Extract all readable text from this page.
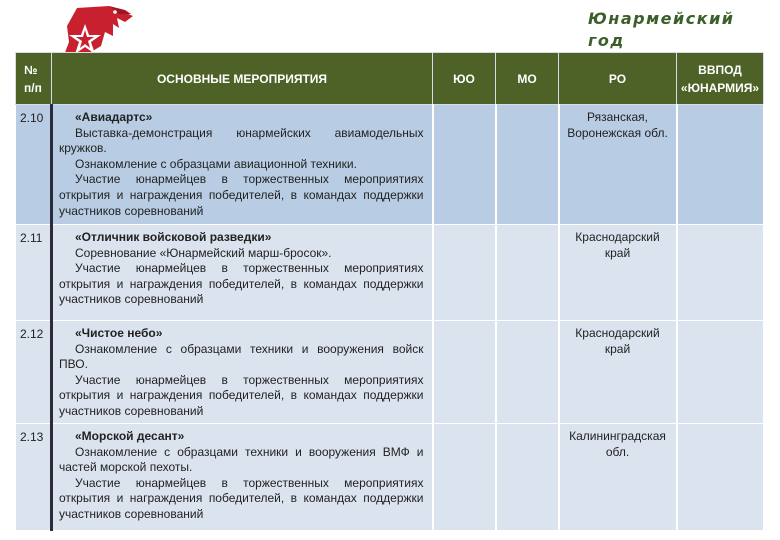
Юнармейский год
№ п/п	ОСНОВНЫЕ МЕРОПРИЯТИЯ	ЮО	МО	РО	ВВПОД «ЮНАРМИЯ»
2.10	«Авиадартс»
Выставка-демонстрация юнармейских авиамодельных кружков.
Ознакомление с образцами авиационной техники.
Участие юнармейцев в торжественных мероприятиях открытия и награждения победителей, в командах поддержки участников соревнований			Рязанская, Воронежская обл.	
2.11	«Отличник войсковой разведки»
Соревнование «Юнармейский марш-бросок».
Участие юнармейцев в торжественных мероприятиях открытия и награждения победителей, в командах поддержки участников соревнований			Краснодарский край	
2.12	«Чистое небо»
Ознакомление с образцами техники и вооружения войск ПВО.
Участие юнармейцев в торжественных мероприятиях открытия и награждения победителей, в командах поддержки участников соревнований			Краснодарский край	
2.13	«Морской десант»
Ознакомление с образцами техники и вооружения ВМФ и частей морской пехоты.
Участие юнармейцев в торжественных мероприятиях открытия и награждения победителей, в командах поддержки участников соревнований			Калининградская обл.	
